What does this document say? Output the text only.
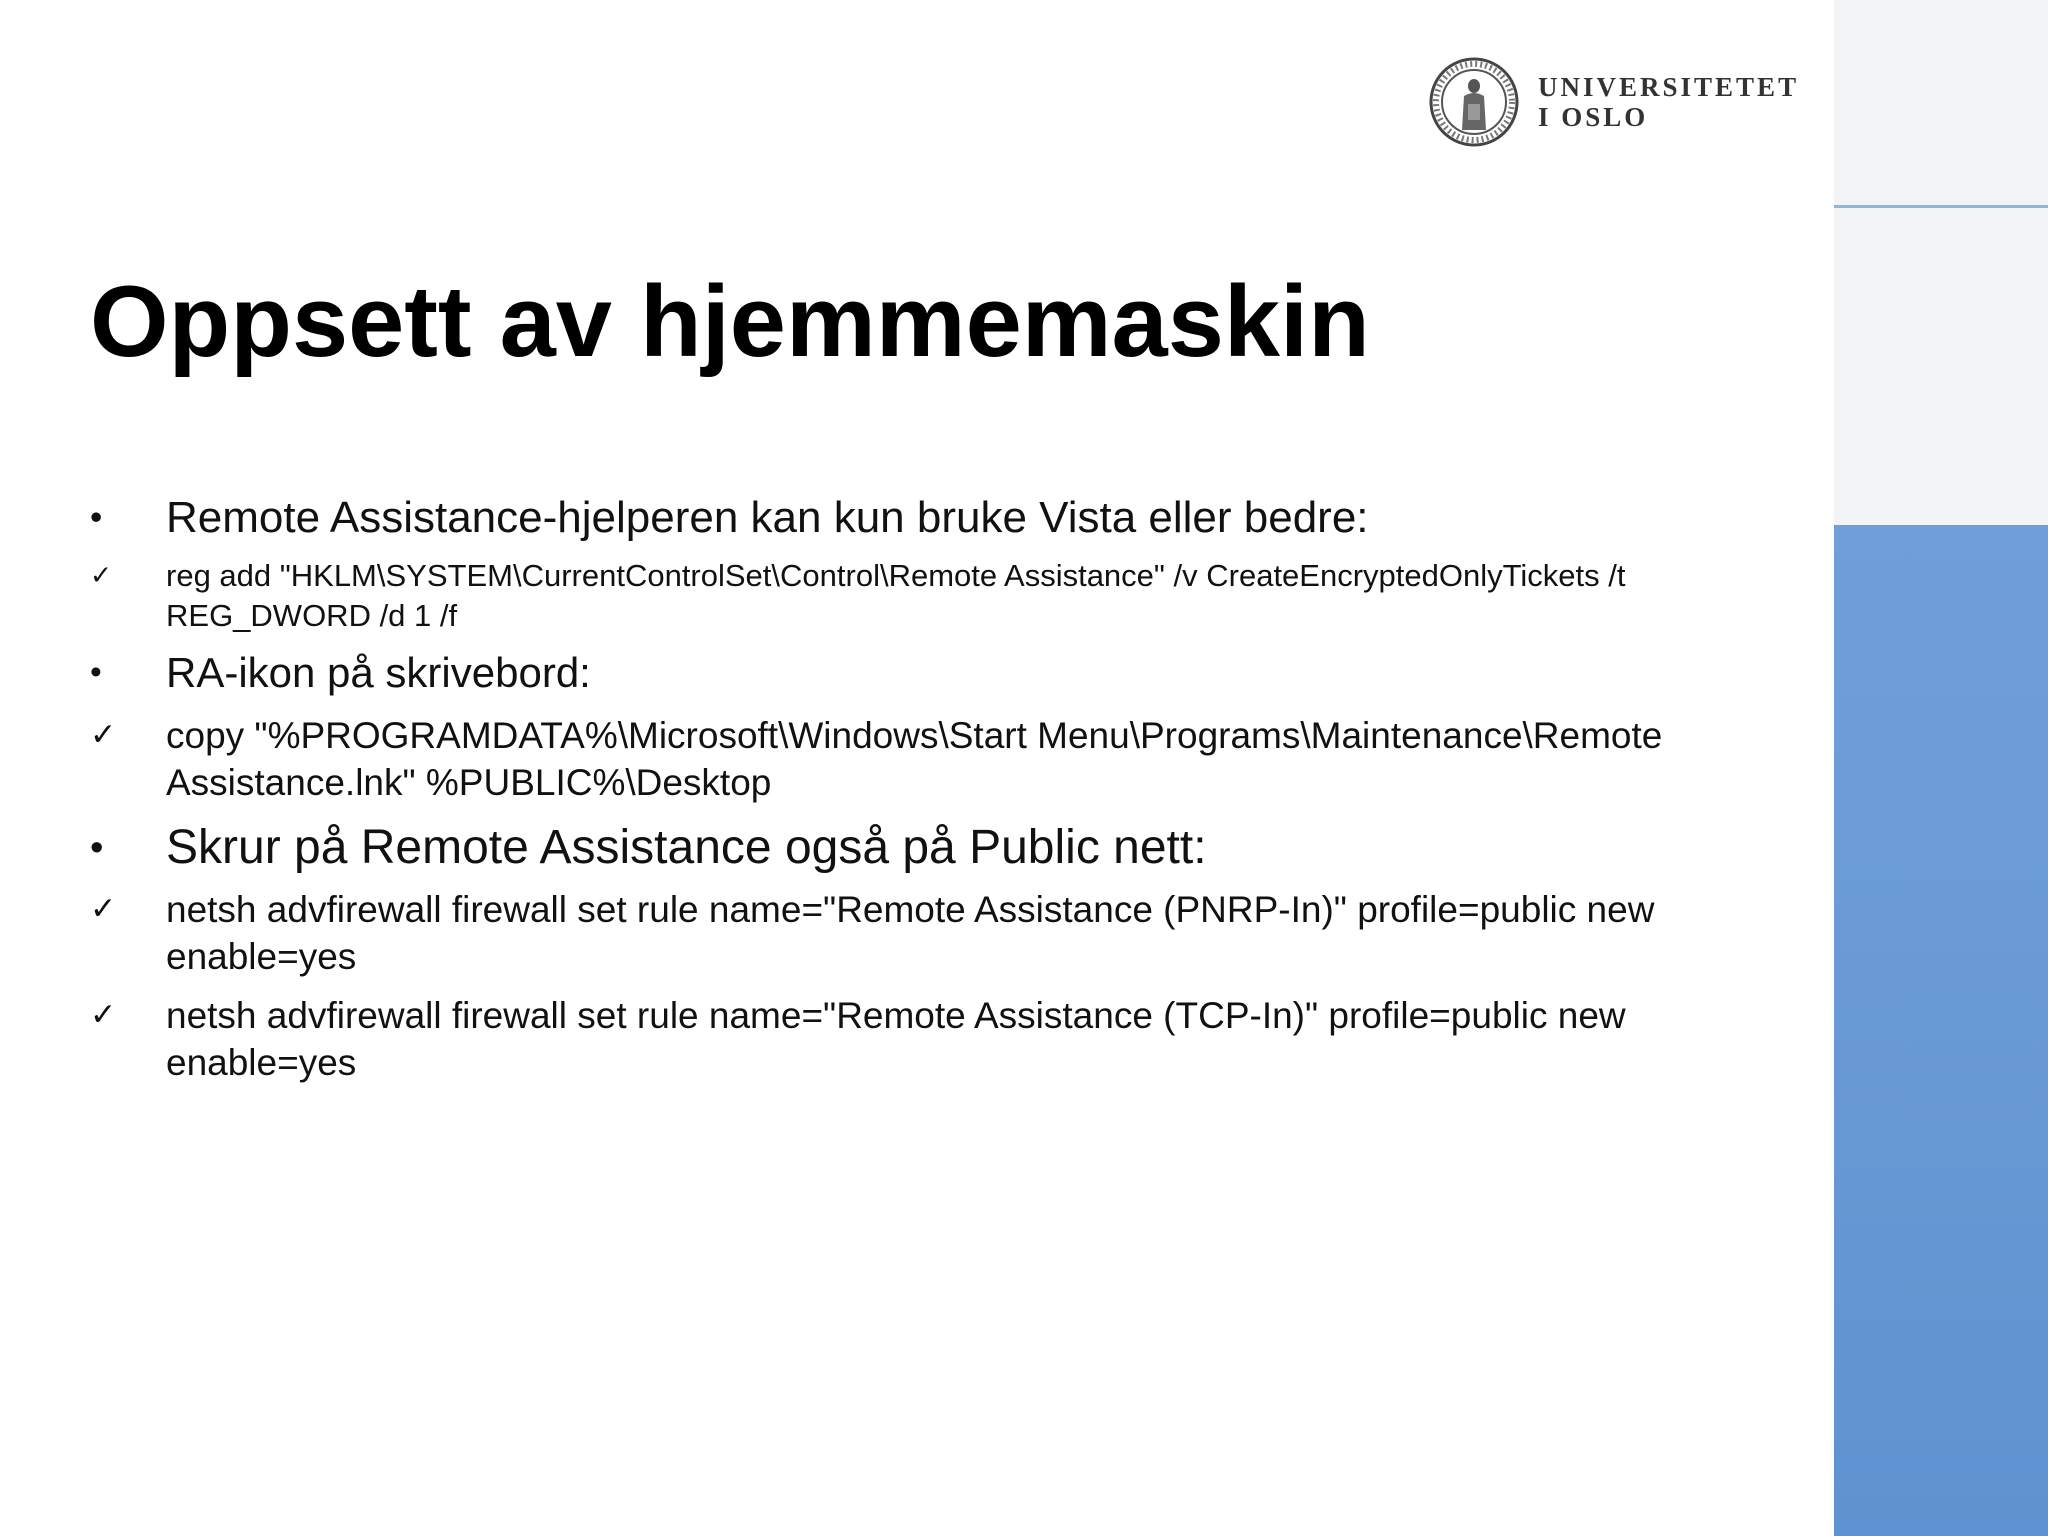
UNIVERSITETET
I OSLO
Oppsett av hjemmemaskin
•	Remote Assistance-hjelperen kan kun bruke Vista eller bedre:
✓	reg add "HKLM\SYSTEM\CurrentControlSet\Control\Remote Assistance" /v CreateEncryptedOnlyTickets /t REG_DWORD /d 1 /f
•	RA-ikon på skrivebord:
✓	copy "%PROGRAMDATA%\Microsoft\Windows\Start Menu\Programs\Maintenance\Remote Assistance.lnk" %PUBLIC%\Desktop
•	Skrur på Remote Assistance også på Public nett:
✓	netsh advfirewall firewall set rule name="Remote Assistance (PNRP-In)" profile=public new enable=yes
✓	netsh advfirewall firewall set rule name="Remote Assistance (TCP-In)" profile=public new enable=yes
